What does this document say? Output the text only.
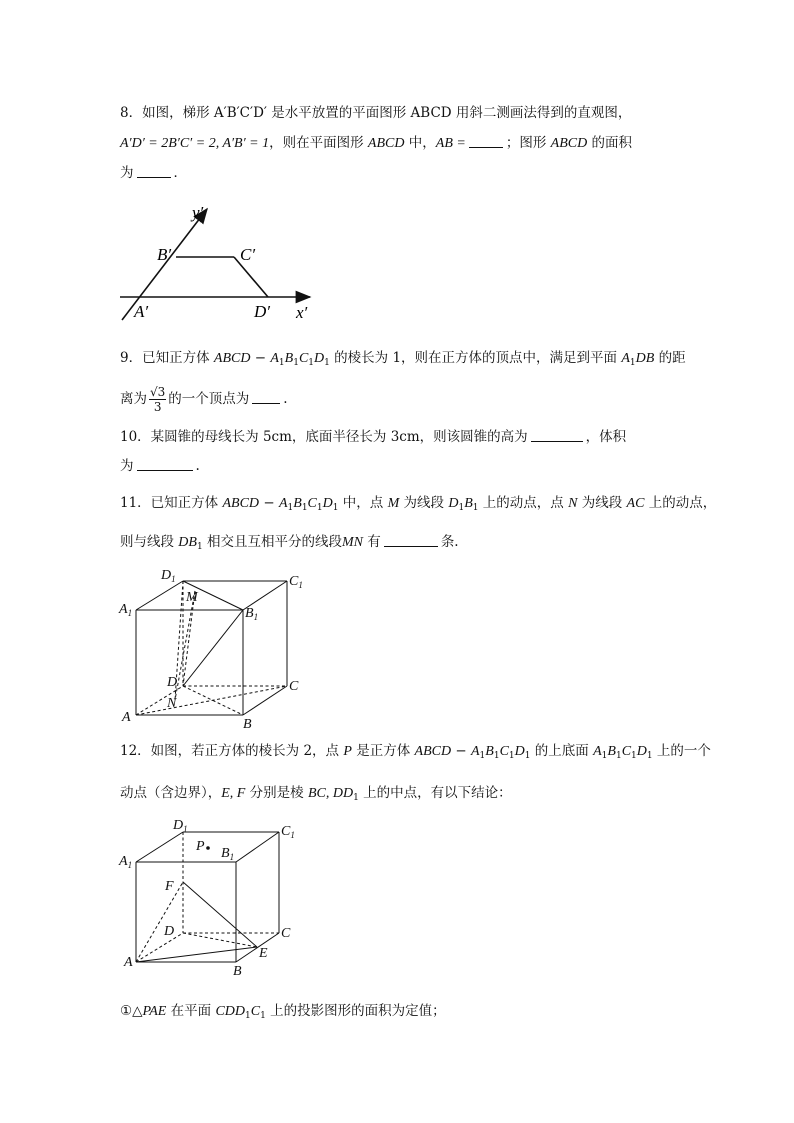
8．如图，梯形 A′B′C′D′ 是水平放置的平面图形 ABCD 用斜二测画法得到的直观图，
A′D′ = 2B′C′ = 2, A′B′ = 1，则在平面图形 ABCD 中，AB =	；图形 ABCD 的面积
为	．
y′
x′
B′	C′
A′	D′
9．已知正方体 ABCD − $A_1B_1C_1D_1$ 的棱长为 1，则在正方体的顶点中，满足到平面 $A_1DB$ 的距
离为 $\frac{√3}{3}$ 的一个顶点为	.
10．某圆锥的母线长为 5cm，底面半径长为 3cm，则该圆锥的高为	，体积
为	.
11．已知正方体 ABCD − $A_1B_1C_1D_1$ 中，点 M 为线段 $D_1B_1$ 上的动点，点 N 为线段 AC 上的动点，
则与线段 $DB_1$ 相交且互相平分的线段MN 有	条.
$D_1$	$C_1$
$A_1$	$B_1$
M
D	C
N
A	B
12．如图，若正方体的棱长为 2，点 P 是正方体 ABCD − $A_1B_1C_1D_1$ 的上底面 $A_1B_1C_1D_1$ 上的一个
动点（含边界），E, F 分别是棱 BC, $DD_1$ 上的中点，有以下结论：
$D_1$	$C_1$
$A_1$
P $B_1$
F
D	C
A
E
B
①△PAE 在平面 $CDD_1C_1$ 上的投影图形的面积为定值；
